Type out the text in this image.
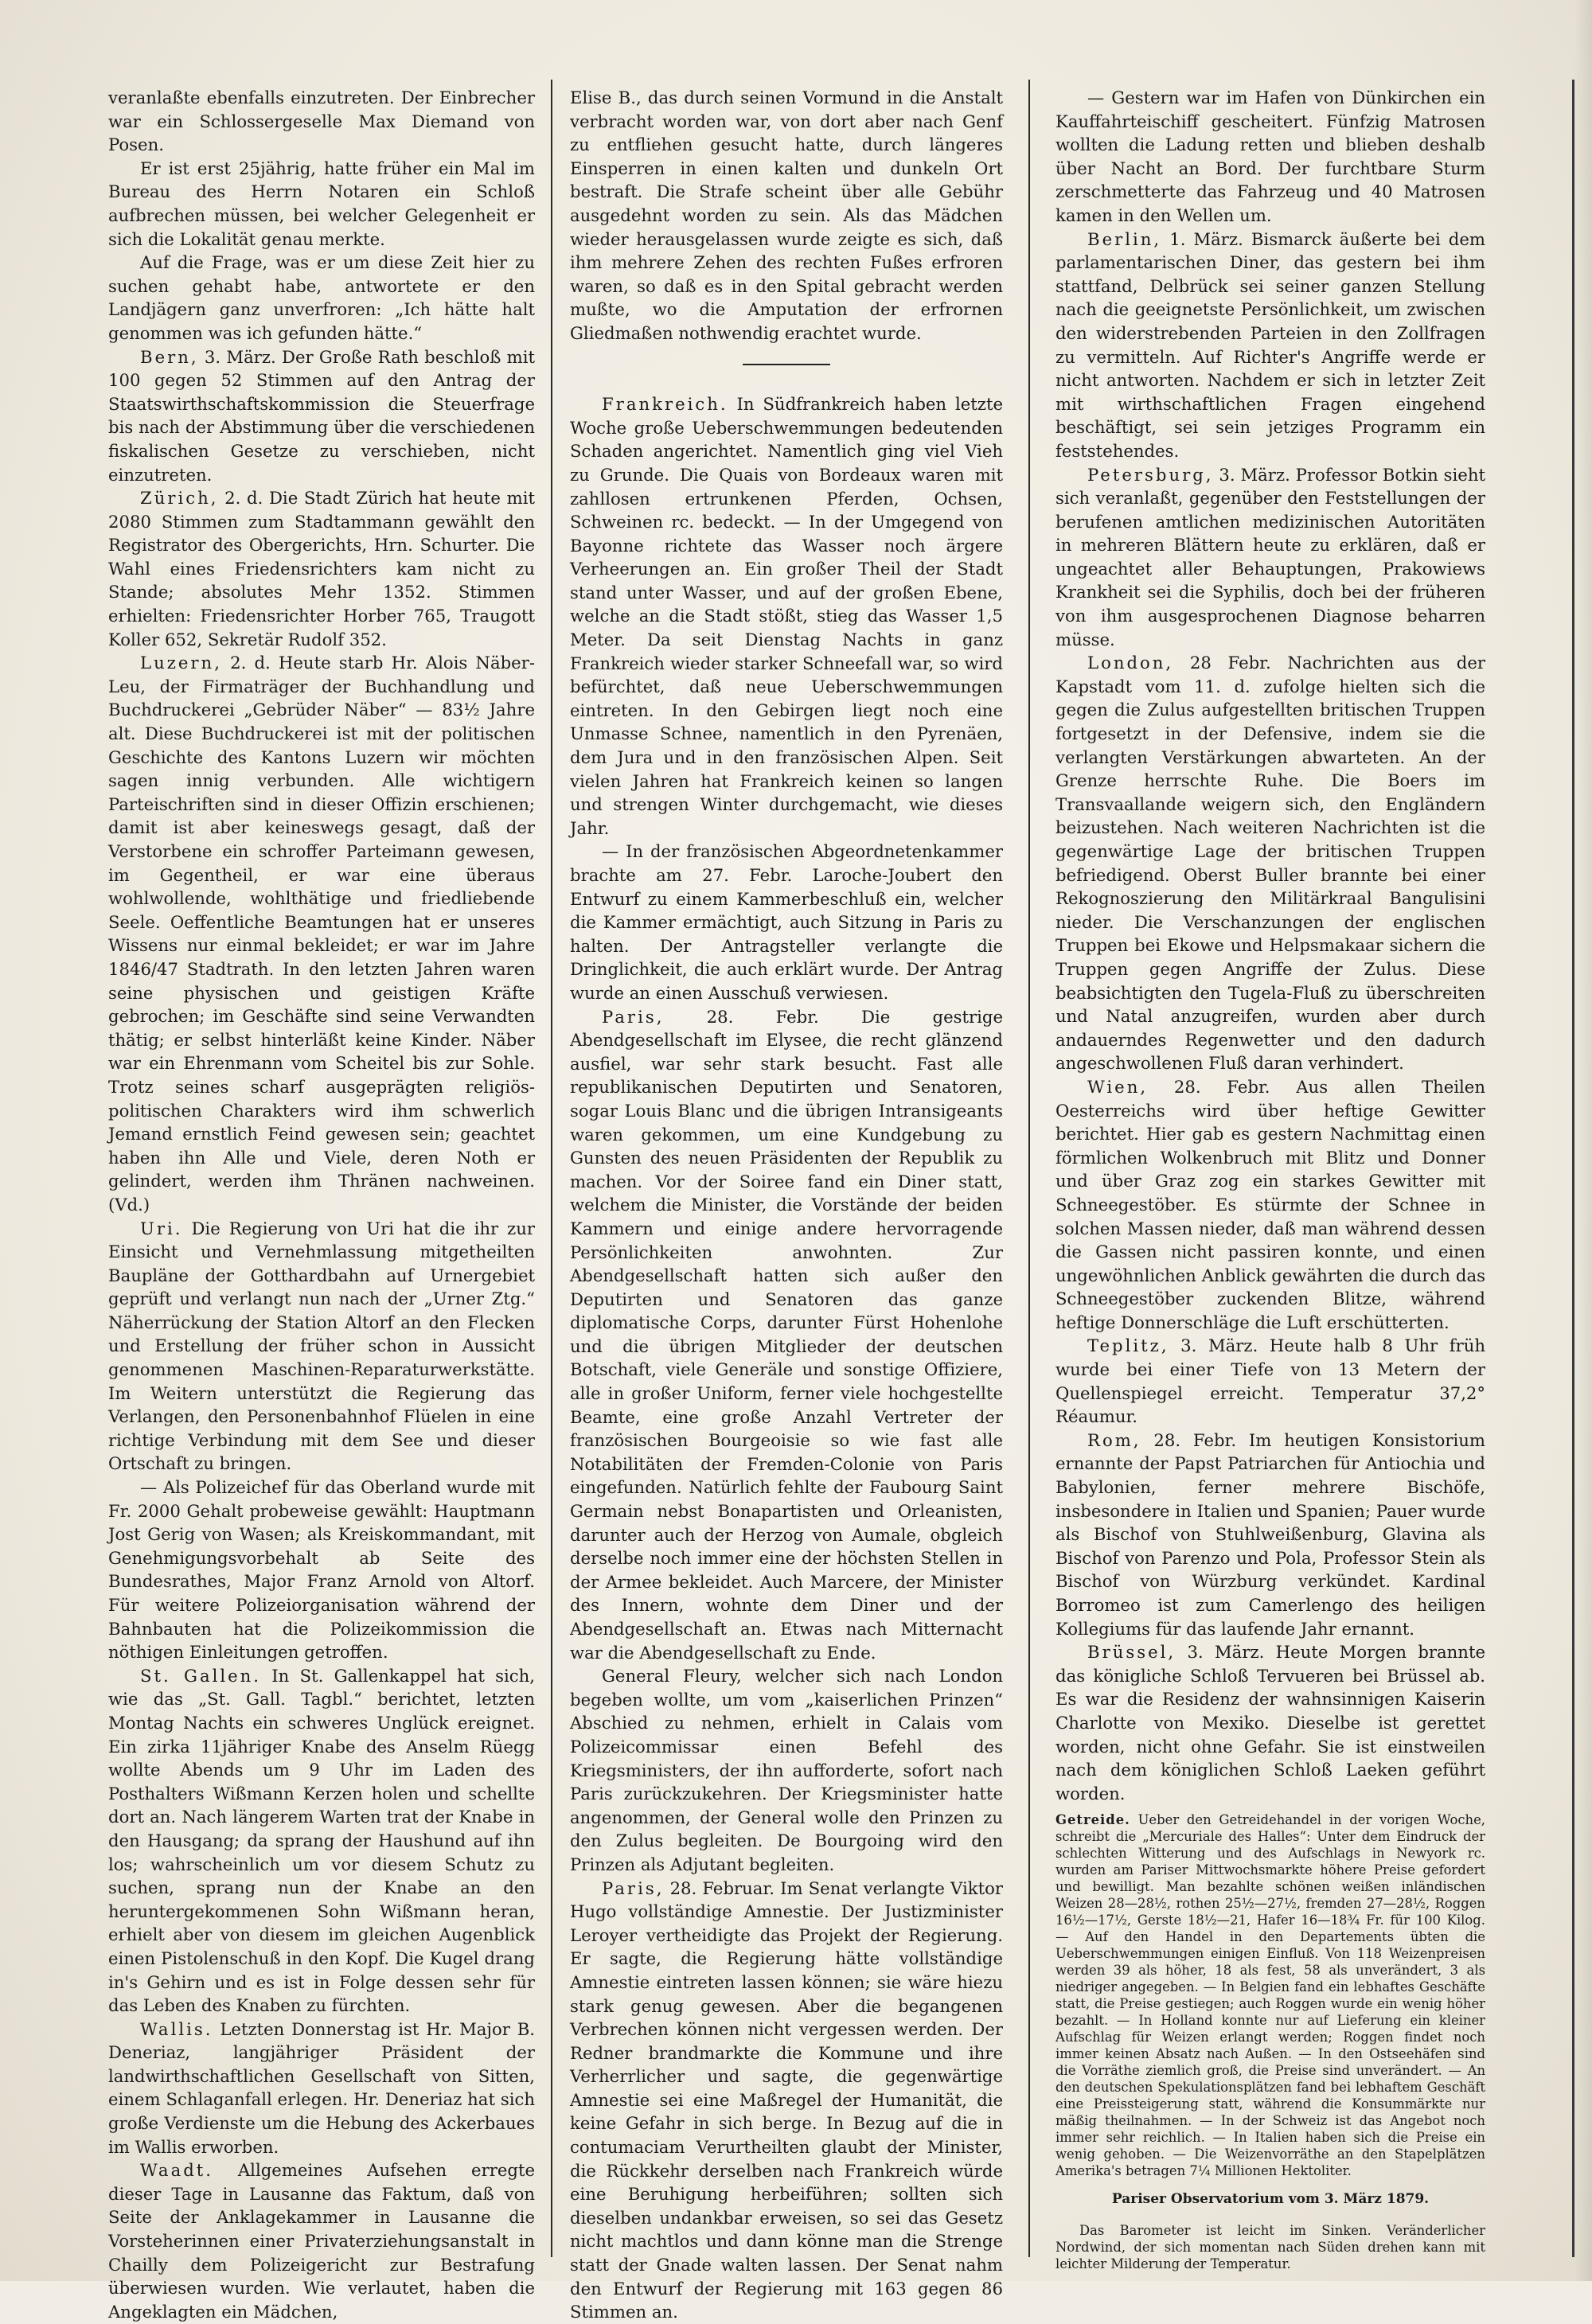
veranlaßte ebenfalls einzutreten. Der Einbrecher war ein Schlossergeselle Max Diemand von Posen.

Er ist erst 25jährig, hatte früher ein Mal im Bureau des Herrn Notaren ein Schloß aufbrechen müssen, bei welcher Gelegenheit er sich die Lokalität genau merkte.

Auf die Frage, was er um diese Zeit hier zu suchen gehabt habe, antwortete er den Landjägern ganz unverfroren: „Ich hätte halt genommen was ich gefunden hätte.“

Bern, 3. März. Der Große Rath beschloß mit 100 gegen 52 Stimmen auf den Antrag der Staatswirthschaftskommission die Steuerfrage bis nach der Abstimmung über die verschiedenen fiskalischen Gesetze zu verschieben, nicht einzutreten.

Zürich, 2. d. Die Stadt Zürich hat heute mit 2080 Stimmen zum Stadtammann gewählt den Registrator des Obergerichts, Hrn. Schurter. Die Wahl eines Friedensrichters kam nicht zu Stande; absolutes Mehr 1352. Stimmen erhielten: Friedensrichter Horber 765, Traugott Koller 652, Sekretär Rudolf 352.

Luzern, 2. d. Heute starb Hr. Alois Näber-Leu, der Firmaträger der Buchhandlung und Buchdruckerei „Gebrüder Näber“ — 83½ Jahre alt. Diese Buchdruckerei ist mit der politischen Geschichte des Kantons Luzern wir möchten sagen innig verbunden. Alle wichtigern Parteischriften sind in dieser Offizin erschienen; damit ist aber keineswegs gesagt, daß der Verstorbene ein schroffer Parteimann gewesen, im Gegentheil, er war eine überaus wohlwollende, wohlthätige und friedliebende Seele. Oeffentliche Beamtungen hat er unseres Wissens nur einmal bekleidet; er war im Jahre 1846/47 Stadtrath. In den letzten Jahren waren seine physischen und geistigen Kräfte gebrochen; im Geschäfte sind seine Verwandten thätig; er selbst hinterläßt keine Kinder. Näber war ein Ehrenmann vom Scheitel bis zur Sohle. Trotz seines scharf ausgeprägten religiös-politischen Charakters wird ihm schwerlich Jemand ernstlich Feind gewesen sein; geachtet haben ihn Alle und Viele, deren Noth er gelindert, werden ihm Thränen nachweinen. (Vd.)

Uri. Die Regierung von Uri hat die ihr zur Einsicht und Vernehmlassung mitgetheilten Baupläne der Gotthardbahn auf Urnergebiet geprüft und verlangt nun nach der „Urner Ztg.“ Näherrückung der Station Altorf an den Flecken und Erstellung der früher schon in Aussicht genommenen Maschinen-Reparaturwerkstätte. Im Weitern unterstützt die Regierung das Verlangen, den Personenbahnhof Flüelen in eine richtige Verbindung mit dem See und dieser Ortschaft zu bringen.

— Als Polizeichef für das Oberland wurde mit Fr. 2000 Gehalt probeweise gewählt: Hauptmann Jost Gerig von Wasen; als Kreiskommandant, mit Genehmigungsvorbehalt ab Seite des Bundesrathes, Major Franz Arnold von Altorf. Für weitere Polizeiorganisation während der Bahnbauten hat die Polizeikommission die nöthigen Einleitungen getroffen.

St. Gallen. In St. Gallenkappel hat sich, wie das „St. Gall. Tagbl.“ berichtet, letzten Montag Nachts ein schweres Unglück ereignet. Ein zirka 11jähriger Knabe des Anselm Rüegg wollte Abends um 9 Uhr im Laden des Posthalters Wißmann Kerzen holen und schellte dort an. Nach längerem Warten trat der Knabe in den Hausgang; da sprang der Haushund auf ihn los; wahrscheinlich um vor diesem Schutz zu suchen, sprang nun der Knabe an den heruntergekommenen Sohn Wißmann heran, erhielt aber von diesem im gleichen Augenblick einen Pistolenschuß in den Kopf. Die Kugel drang in's Gehirn und es ist in Folge dessen sehr für das Leben des Knaben zu fürchten.

Wallis. Letzten Donnerstag ist Hr. Major B. Deneriaz, langjähriger Präsident der landwirthschaftlichen Gesellschaft von Sitten, einem Schlaganfall erlegen. Hr. Deneriaz hat sich große Verdienste um die Hebung des Ackerbaues im Wallis erworben.

Waadt. Allgemeines Aufsehen erregte dieser Tage in Lausanne das Faktum, daß von Seite der Anklagekammer in Lausanne die Vorsteherinnen einer Privaterziehungsanstalt in Chailly dem Polizeigericht zur Bestrafung überwiesen wurden. Wie verlautet, haben die Angeklagten ein Mädchen,

Elise B., das durch seinen Vormund in die Anstalt verbracht worden war, von dort aber nach Genf zu entfliehen gesucht hatte, durch längeres Einsperren in einen kalten und dunkeln Ort bestraft. Die Strafe scheint über alle Gebühr ausgedehnt worden zu sein. Als das Mädchen wieder herausgelassen wurde zeigte es sich, daß ihm mehrere Zehen des rechten Fußes erfroren waren, so daß es in den Spital gebracht werden mußte, wo die Amputation der erfrornen Gliedmaßen nothwendig erachtet wurde.

Frankreich. In Südfrankreich haben letzte Woche große Ueberschwemmungen bedeutenden Schaden angerichtet. Namentlich ging viel Vieh zu Grunde. Die Quais von Bordeaux waren mit zahllosen ertrunkenen Pferden, Ochsen, Schweinen rc. bedeckt. — In der Umgegend von Bayonne richtete das Wasser noch ärgere Verheerungen an. Ein großer Theil der Stadt stand unter Wasser, und auf der großen Ebene, welche an die Stadt stößt, stieg das Wasser 1,5 Meter. Da seit Dienstag Nachts in ganz Frankreich wieder starker Schneefall war, so wird befürchtet, daß neue Ueberschwemmungen eintreten. In den Gebirgen liegt noch eine Unmasse Schnee, namentlich in den Pyrenäen, dem Jura und in den französischen Alpen. Seit vielen Jahren hat Frankreich keinen so langen und strengen Winter durchgemacht, wie dieses Jahr.

— In der französischen Abgeordnetenkammer brachte am 27. Febr. Laroche-Joubert den Entwurf zu einem Kammerbeschluß ein, welcher die Kammer ermächtigt, auch Sitzung in Paris zu halten. Der Antragsteller verlangte die Dringlichkeit, die auch erklärt wurde. Der Antrag wurde an einen Ausschuß verwiesen.

Paris, 28. Febr. Die gestrige Abendgesellschaft im Elysee, die recht glänzend ausfiel, war sehr stark besucht. Fast alle republikanischen Deputirten und Senatoren, sogar Louis Blanc und die übrigen Intransigeants waren gekommen, um eine Kundgebung zu Gunsten des neuen Präsidenten der Republik zu machen. Vor der Soiree fand ein Diner statt, welchem die Minister, die Vorstände der beiden Kammern und einige andere hervorragende Persönlichkeiten anwohnten. Zur Abendgesellschaft hatten sich außer den Deputirten und Senatoren das ganze diplomatische Corps, darunter Fürst Hohenlohe und die übrigen Mitglieder der deutschen Botschaft, viele Generäle und sonstige Offiziere, alle in großer Uniform, ferner viele hochgestellte Beamte, eine große Anzahl Vertreter der französischen Bourgeoisie so wie fast alle Notabilitäten der Fremden-Colonie von Paris eingefunden. Natürlich fehlte der Faubourg Saint Germain nebst Bonapartisten und Orleanisten, darunter auch der Herzog von Aumale, obgleich derselbe noch immer eine der höchsten Stellen in der Armee bekleidet. Auch Marcere, der Minister des Innern, wohnte dem Diner und der Abendgesellschaft an. Etwas nach Mitternacht war die Abendgesellschaft zu Ende.

General Fleury, welcher sich nach London begeben wollte, um vom „kaiserlichen Prinzen“ Abschied zu nehmen, erhielt in Calais vom Polizeicommissar einen Befehl des Kriegsministers, der ihn aufforderte, sofort nach Paris zurückzukehren. Der Kriegsminister hatte angenommen, der General wolle den Prinzen zu den Zulus begleiten. De Bourgoing wird den Prinzen als Adjutant begleiten.

Paris, 28. Februar. Im Senat verlangte Viktor Hugo vollständige Amnestie. Der Justizminister Leroyer vertheidigte das Projekt der Regierung. Er sagte, die Regierung hätte vollständige Amnestie eintreten lassen können; sie wäre hiezu stark genug gewesen. Aber die begangenen Verbrechen können nicht vergessen werden. Der Redner brandmarkte die Kommune und ihre Verherrlicher und sagte, die gegenwärtige Amnestie sei eine Maßregel der Humanität, die keine Gefahr in sich berge. In Bezug auf die in contumaciam Verurtheilten glaubt der Minister, die Rückkehr derselben nach Frankreich würde eine Beruhigung herbeiführen; sollten sich dieselben undankbar erweisen, so sei das Gesetz nicht machtlos und dann könne man die Strenge statt der Gnade walten lassen. Der Senat nahm den Entwurf der Regierung mit 163 gegen 86 Stimmen an.

— Gestern war im Hafen von Dünkirchen ein Kauffahrteischiff gescheitert. Fünfzig Matrosen wollten die Ladung retten und blieben deshalb über Nacht an Bord. Der furchtbare Sturm zerschmetterte das Fahrzeug und 40 Matrosen kamen in den Wellen um.

Berlin, 1. März. Bismarck äußerte bei dem parlamentarischen Diner, das gestern bei ihm stattfand, Delbrück sei seiner ganzen Stellung nach die geeignetste Persönlichkeit, um zwischen den widerstrebenden Parteien in den Zollfragen zu vermitteln. Auf Richter's Angriffe werde er nicht antworten. Nachdem er sich in letzter Zeit mit wirthschaftlichen Fragen eingehend beschäftigt, sei sein jetziges Programm ein feststehendes.

Petersburg, 3. März. Professor Botkin sieht sich veranlaßt, gegenüber den Feststellungen der berufenen amtlichen medizinischen Autoritäten in mehreren Blättern heute zu erklären, daß er ungeachtet aller Behauptungen, Prakowiews Krankheit sei die Syphilis, doch bei der früheren von ihm ausgesprochenen Diagnose beharren müsse.

London, 28 Febr. Nachrichten aus der Kapstadt vom 11. d. zufolge hielten sich die gegen die Zulus aufgestellten britischen Truppen fortgesetzt in der Defensive, indem sie die verlangten Verstärkungen abwarteten. An der Grenze herrschte Ruhe. Die Boers im Transvaallande weigern sich, den Engländern beizustehen. Nach weiteren Nachrichten ist die gegenwärtige Lage der britischen Truppen befriedigend. Oberst Buller brannte bei einer Rekognoszierung den Militärkraal Bangulisini nieder. Die Verschanzungen der englischen Truppen bei Ekowe und Helpsmakaar sichern die Truppen gegen Angriffe der Zulus. Diese beabsichtigten den Tugela-Fluß zu überschreiten und Natal anzugreifen, wurden aber durch andauerndes Regenwetter und den dadurch angeschwollenen Fluß daran verhindert.

Wien, 28. Febr. Aus allen Theilen Oesterreichs wird über heftige Gewitter berichtet. Hier gab es gestern Nachmittag einen förmlichen Wolkenbruch mit Blitz und Donner und über Graz zog ein starkes Gewitter mit Schneegestöber. Es stürmte der Schnee in solchen Massen nieder, daß man während dessen die Gassen nicht passiren konnte, und einen ungewöhnlichen Anblick gewährten die durch das Schneegestöber zuckenden Blitze, während heftige Donnerschläge die Luft erschütterten.

Teplitz, 3. März. Heute halb 8 Uhr früh wurde bei einer Tiefe von 13 Metern der Quellenspiegel erreicht. Temperatur 37,2° Réaumur.

Rom, 28. Febr. Im heutigen Konsistorium ernannte der Papst Patriarchen für Antiochia und Babylonien, ferner mehrere Bischöfe, insbesondere in Italien und Spanien; Pauer wurde als Bischof von Stuhlweißenburg, Glavina als Bischof von Parenzo und Pola, Professor Stein als Bischof von Würzburg verkündet. Kardinal Borromeo ist zum Camerlengo des heiligen Kollegiums für das laufende Jahr ernannt.

Brüssel, 3. März. Heute Morgen brannte das königliche Schloß Tervueren bei Brüssel ab. Es war die Residenz der wahnsinnigen Kaiserin Charlotte von Mexiko. Dieselbe ist gerettet worden, nicht ohne Gefahr. Sie ist einstweilen nach dem königlichen Schloß Laeken geführt worden.

Getreide. Ueber den Getreidehandel in der vorigen Woche, schreibt die „Mercuriale des Halles“: Unter dem Eindruck der schlechten Witterung und des Aufschlags in Newyork rc. wurden am Pariser Mittwochsmarkte höhere Preise gefordert und bewilligt. Man bezahlte schönen weißen inländischen Weizen 28—28½, rothen 25½—27½, fremden 27—28½, Roggen 16½—17½, Gerste 18½—21, Hafer 16—18¾ Fr. für 100 Kilog. — Auf den Handel in den Departements übten die Ueberschwemmungen einigen Einfluß. Von 118 Weizenpreisen werden 39 als höher, 18 als fest, 58 als unverändert, 3 als niedriger angegeben. — In Belgien fand ein lebhaftes Geschäfte statt, die Preise gestiegen; auch Roggen wurde ein wenig höher bezahlt. — In Holland konnte nur auf Lieferung ein kleiner Aufschlag für Weizen erlangt werden; Roggen findet noch immer keinen Absatz nach Außen. — In den Ostseehäfen sind die Vorräthe ziemlich groß, die Preise sind unverändert. — An den deutschen Spekulationsplätzen fand bei lebhaftem Geschäft eine Preissteigerung statt, während die Konsummärkte nur mäßig theilnahmen. — In der Schweiz ist das Angebot noch immer sehr reichlich. — In Italien haben sich die Preise ein wenig gehoben. — Die Weizenvorräthe an den Stapelplätzen Amerika's betragen 7¼ Millionen Hektoliter.

Pariser Observatorium vom 3. März 1879.

Das Barometer ist leicht im Sinken. Veränderlicher Nordwind, der sich momentan nach Süden drehen kann mit leichter Milderung der Temperatur.
